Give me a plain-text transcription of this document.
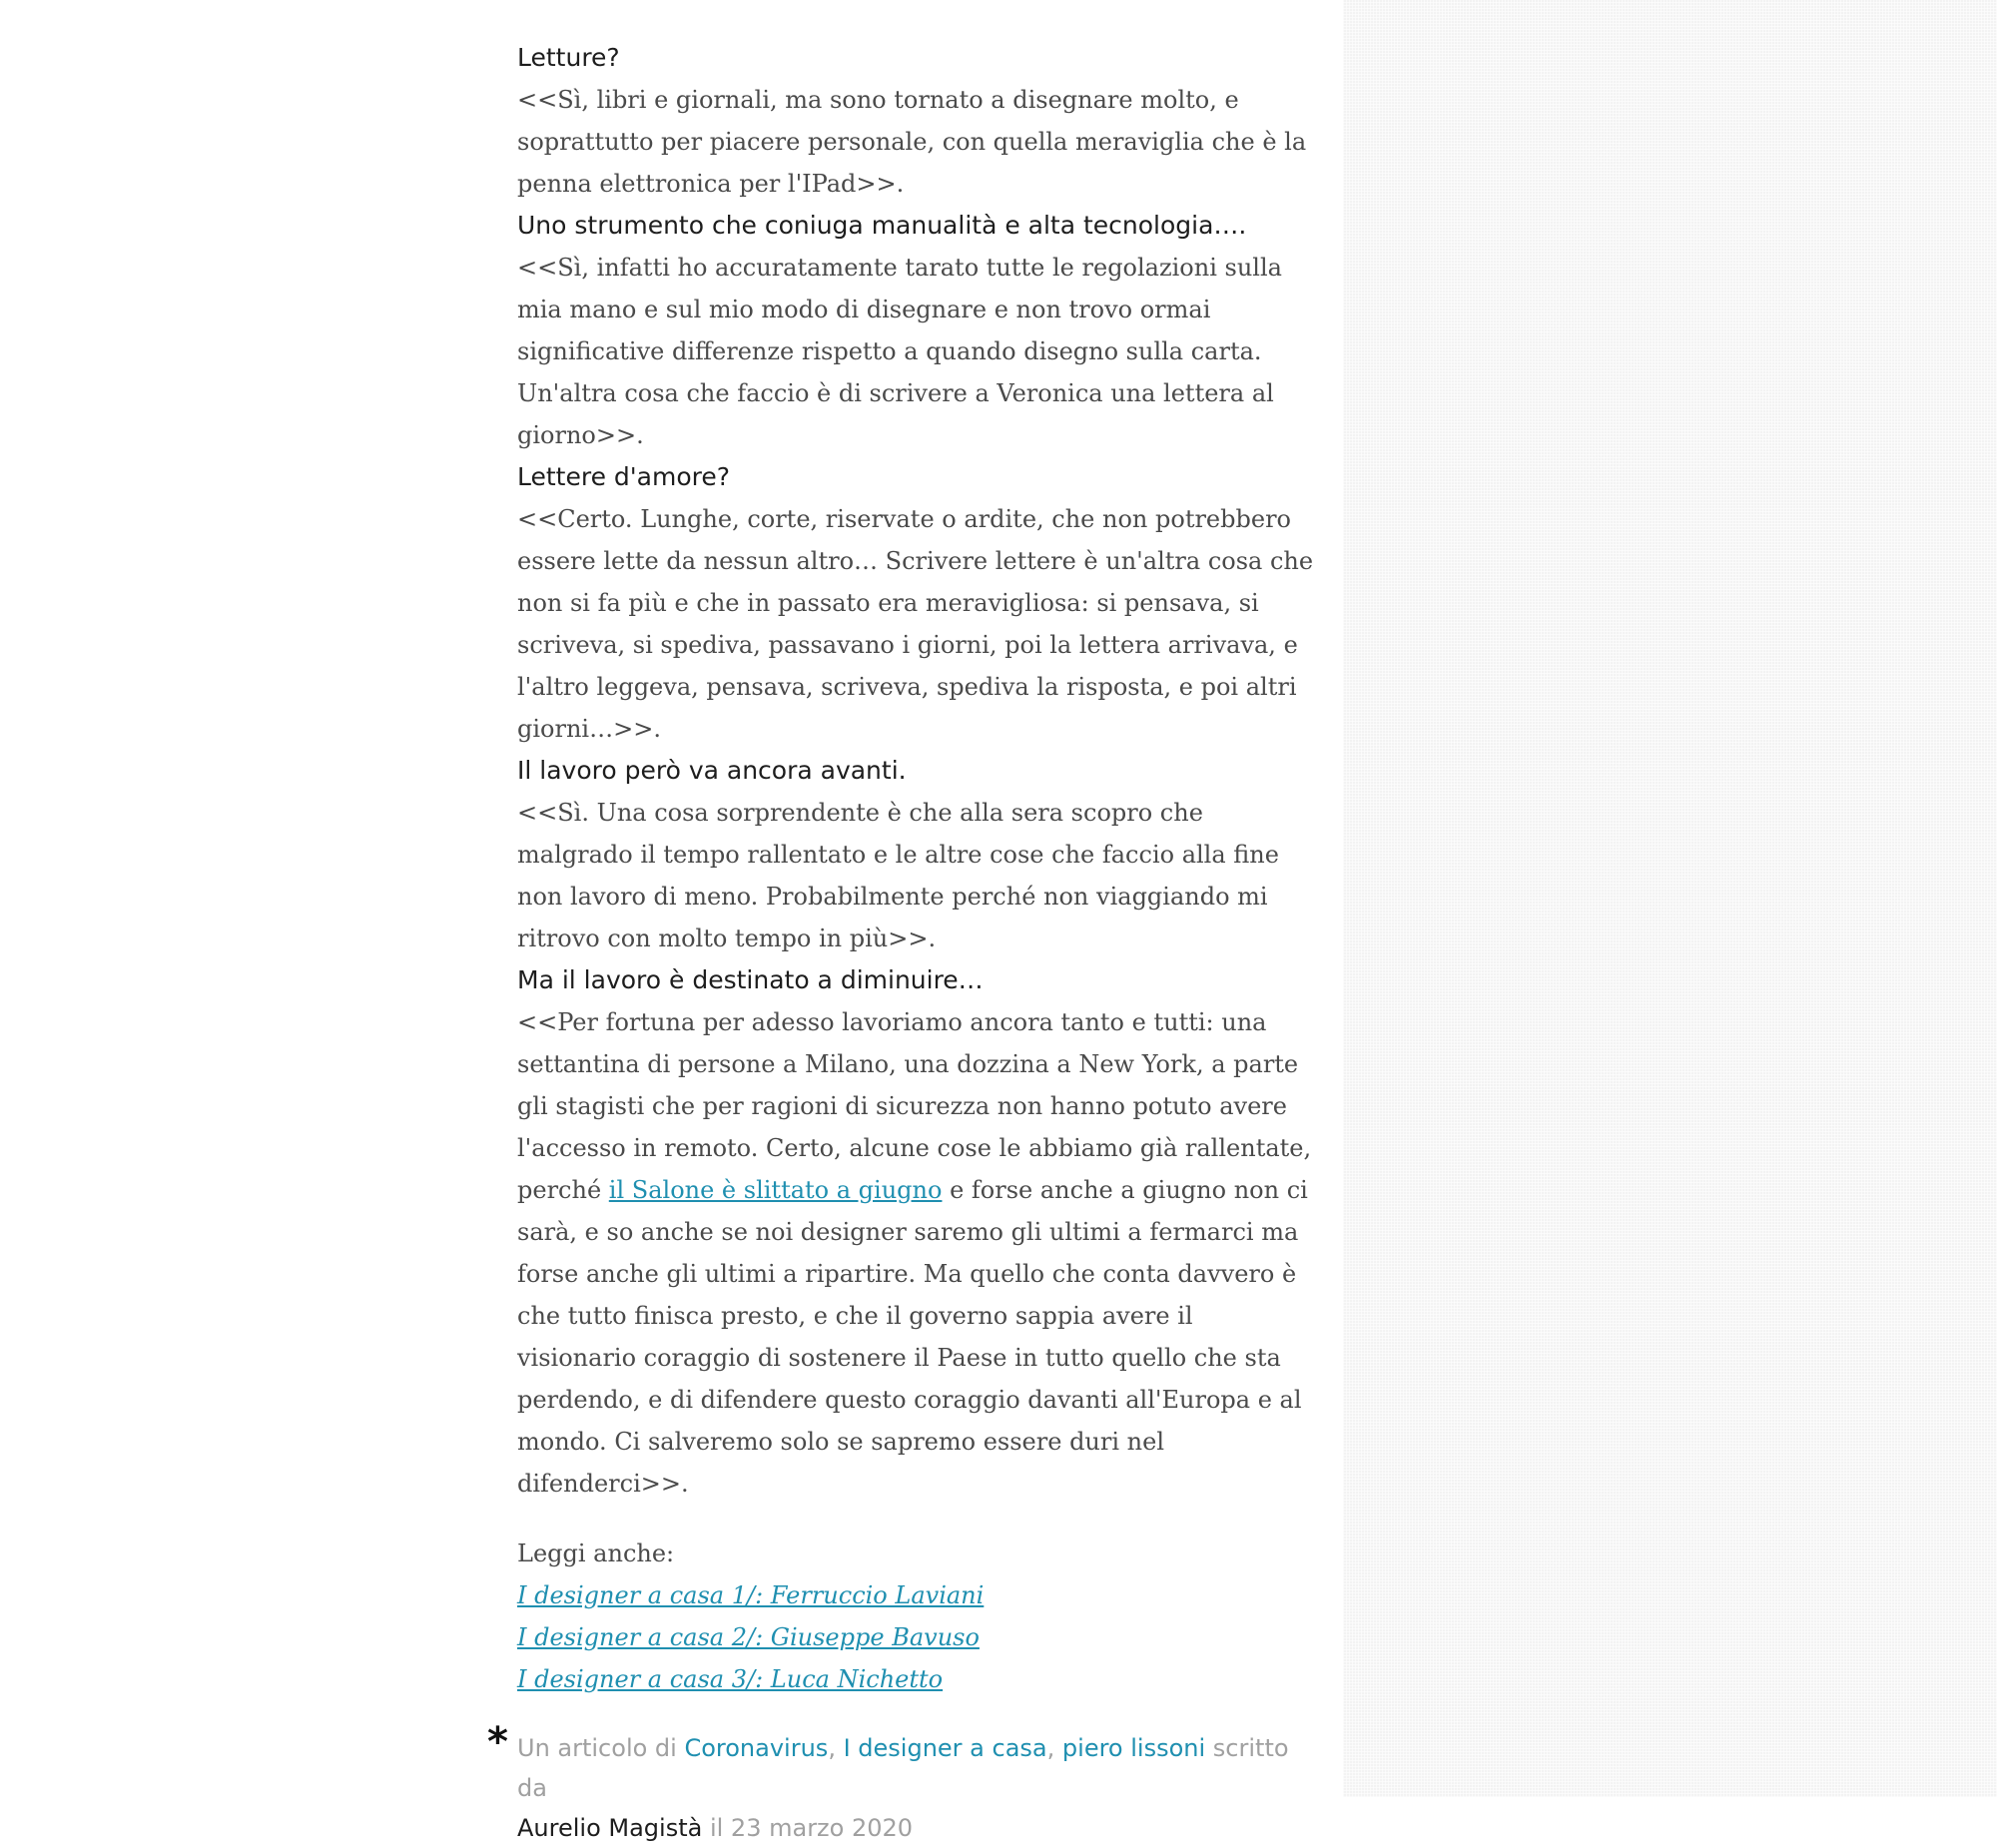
Letture?

<<Sì, libri e giornali, ma sono tornato a disegnare molto, e soprattutto per piacere personale, con quella meraviglia che è la penna elettronica per l'IPad>>.

Uno strumento che coniuga manualità e alta tecnologia….

<<Sì, infatti ho accuratamente tarato tutte le regolazioni sulla mia mano e sul mio modo di disegnare e non trovo ormai significative differenze rispetto a quando disegno sulla carta. Un'altra cosa che faccio è di scrivere a Veronica una lettera al giorno>>.

Lettere d'amore?

<<Certo. Lunghe, corte, riservate o ardite, che non potrebbero essere lette da nessun altro… Scrivere lettere è un'altra cosa che non si fa più e che in passato era meravigliosa: si pensava, si scriveva, si spediva, passavano i giorni, poi la lettera arrivava, e l'altro leggeva, pensava, scriveva, spediva la risposta, e poi altri giorni…>>.

Il lavoro però va ancora avanti.

<<Sì. Una cosa sorprendente è che alla sera scopro che malgrado il tempo rallentato e le altre cose che faccio alla fine non lavoro di meno. Probabilmente perché non viaggiando mi ritrovo con molto tempo in più>>.

Ma il lavoro è destinato a diminuire…

<<Per fortuna per adesso lavoriamo ancora tanto e tutti: una settantina di persone a Milano, una dozzina a New York, a parte gli stagisti che per ragioni di sicurezza non hanno potuto avere l'accesso in remoto. Certo, alcune cose le abbiamo già rallentate, perché il Salone è slittato a giugno e forse anche a giugno non ci sarà, e so anche se noi designer saremo gli ultimi a fermarci ma forse anche gli ultimi a ripartire. Ma quello che conta davvero è che tutto finisca presto, e che il governo sappia avere il visionario coraggio di sostenere il Paese in tutto quello che sta perdendo, e di difendere questo coraggio davanti all'Europa e al mondo. Ci salveremo solo se sapremo essere duri nel difenderci>>.

Leggi anche:

I designer a casa 1/: Ferruccio Laviani
I designer a casa 2/: Giuseppe Bavuso
I designer a casa 3/: Luca Nichetto
* Un articolo di Coronavirus, I designer a casa, piero lissoni scritto da
Aurelio Magistà il 23 marzo 2020
